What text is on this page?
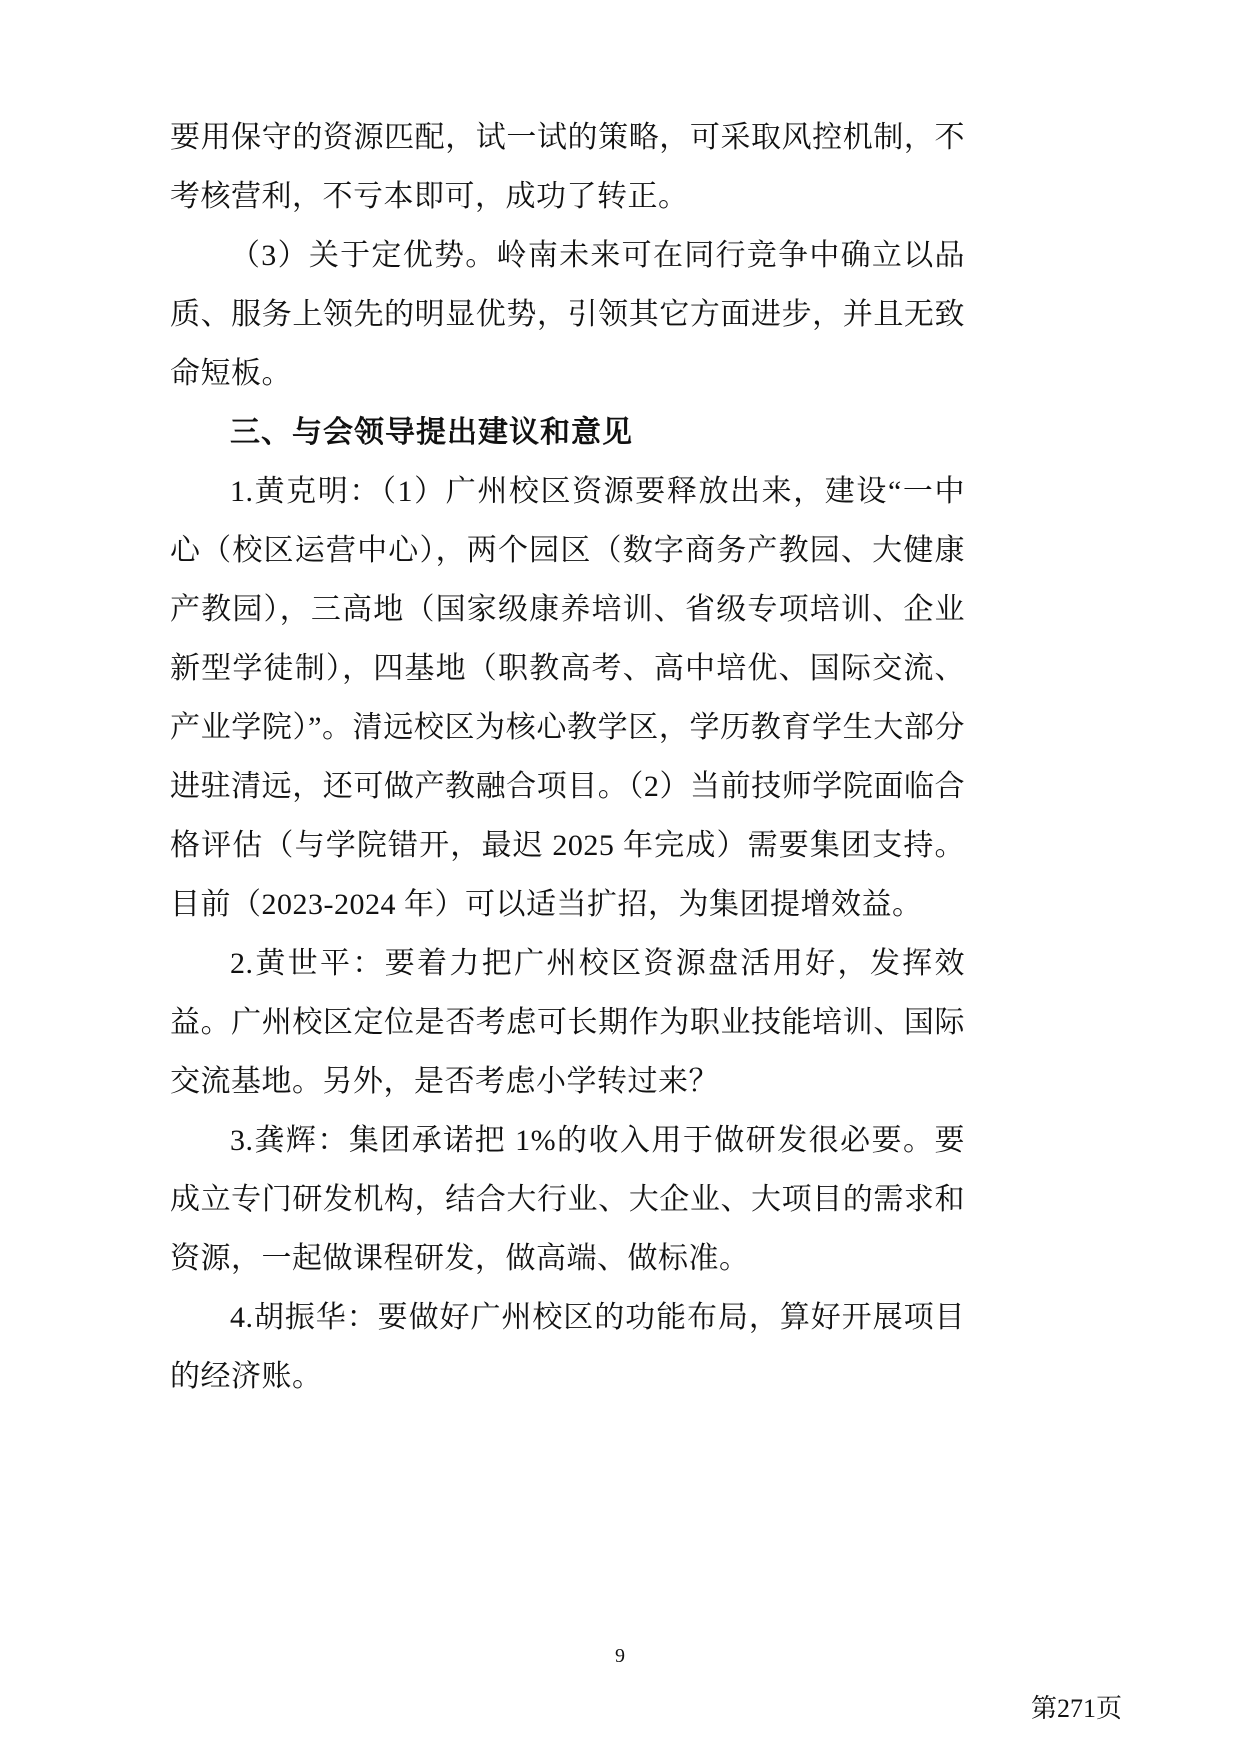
要用保守的资源匹配，试一试的策略，可采取风控机制，不考核营利，不亏本即可，成功了转正。

（3）关于定优势。岭南未来可在同行竞争中确立以品质、服务上领先的明显优势，引领其它方面进步，并且无致命短板。

三、与会领导提出建议和意见

1.黄克明：（1）广州校区资源要释放出来，建设“一中心（校区运营中心），两个园区（数字商务产教园、大健康产教园），三高地（国家级康养培训、省级专项培训、企业新型学徒制），四基地（职教高考、高中培优、国际交流、产业学院）”。清远校区为核心教学区，学历教育学生大部分进驻清远，还可做产教融合项目。（2）当前技师学院面临合格评估（与学院错开，最迟 2025 年完成）需要集团支持。目前（2023-2024 年）可以适当扩招，为集团提增效益。

2.黄世平：要着力把广州校区资源盘活用好，发挥效益。广州校区定位是否考虑可长期作为职业技能培训、国际交流基地。另外，是否考虑小学转过来？

3.龚辉：集团承诺把 1%的收入用于做研发很必要。要成立专门研发机构，结合大行业、大企业、大项目的需求和资源，一起做课程研发，做高端、做标准。

4.胡振华：要做好广州校区的功能布局，算好开展项目的经济账。

9
第271页
